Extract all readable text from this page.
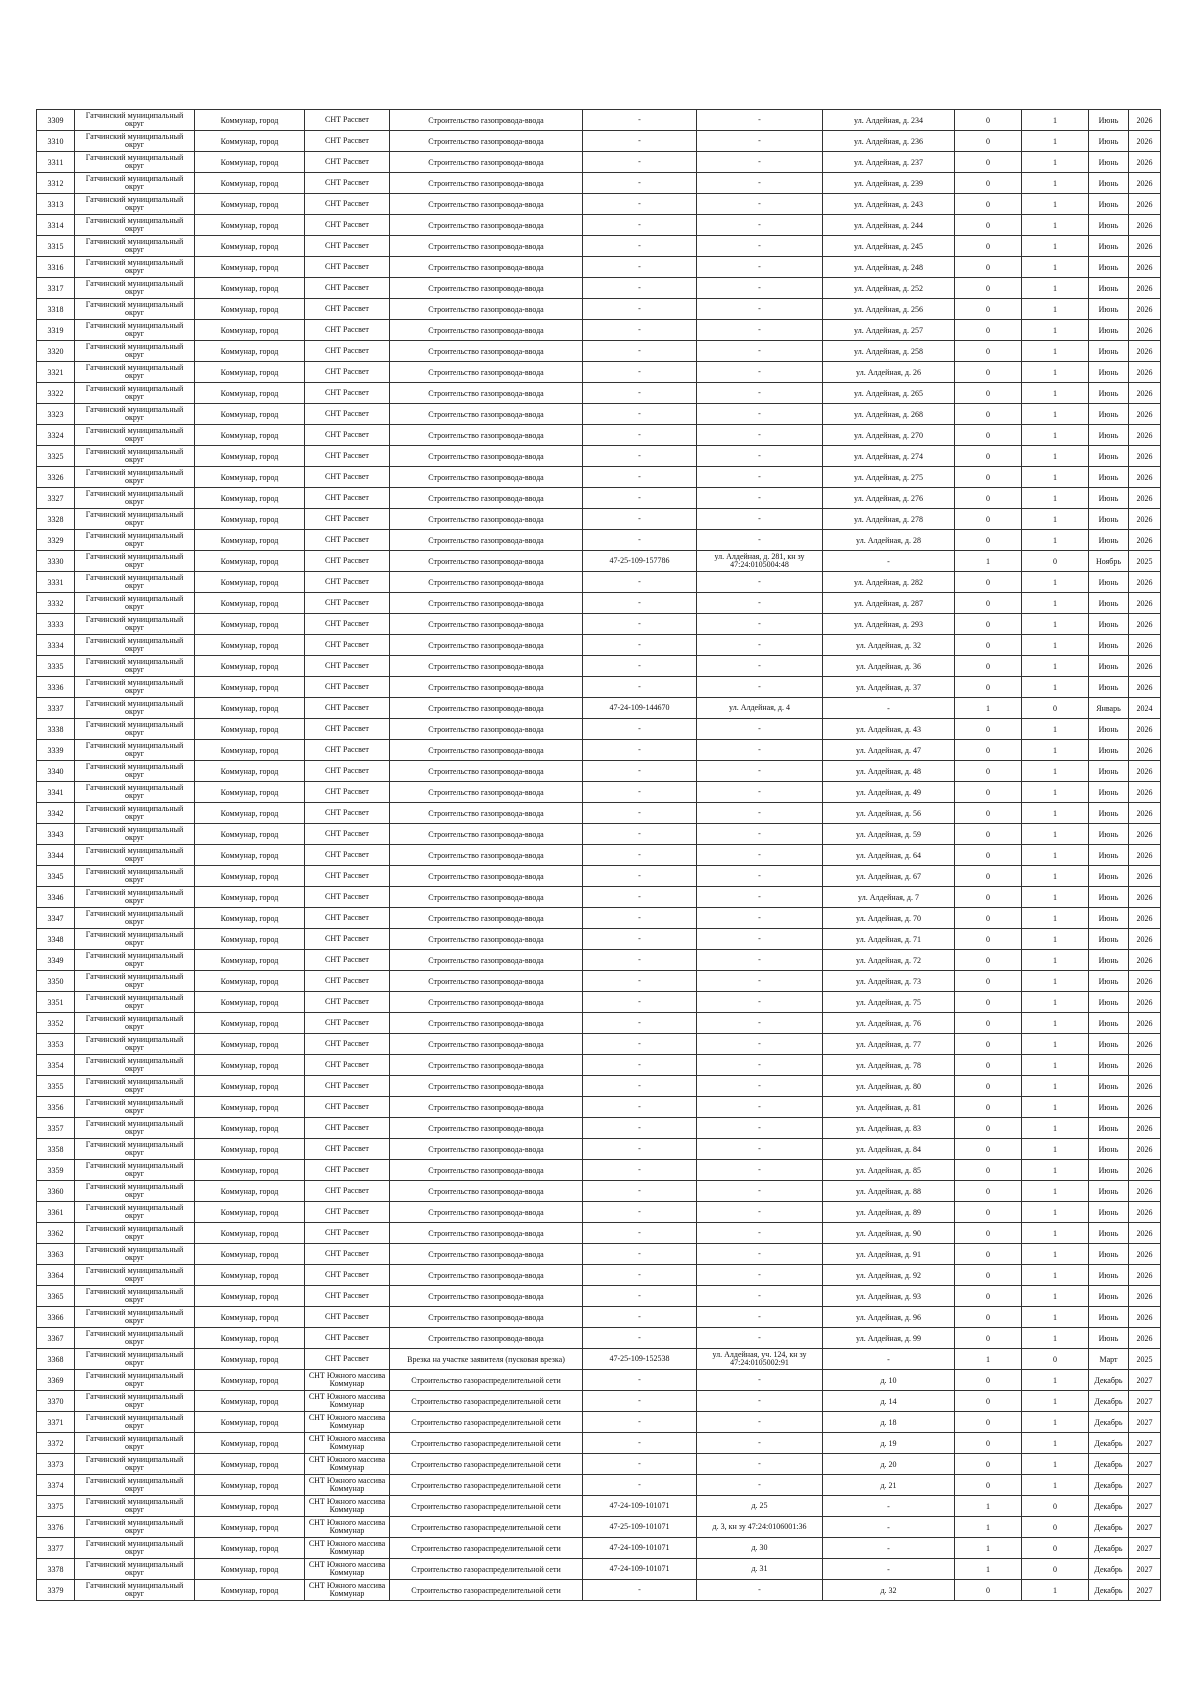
3309	Гатчинский муниципальный округ	Коммунар, город	СНТ Рассвет	Строительство газопровода-ввода	-	-	ул. Алдейная, д. 234	0	1	Июнь	2026
3310	Гатчинский муниципальный округ	Коммунар, город	СНТ Рассвет	Строительство газопровода-ввода	-	-	ул. Алдейная, д. 236	0	1	Июнь	2026
3311	Гатчинский муниципальный округ	Коммунар, город	СНТ Рассвет	Строительство газопровода-ввода	-	-	ул. Алдейная, д. 237	0	1	Июнь	2026
3312	Гатчинский муниципальный округ	Коммунар, город	СНТ Рассвет	Строительство газопровода-ввода	-	-	ул. Алдейная, д. 239	0	1	Июнь	2026
3313	Гатчинский муниципальный округ	Коммунар, город	СНТ Рассвет	Строительство газопровода-ввода	-	-	ул. Алдейная, д. 243	0	1	Июнь	2026
3314	Гатчинский муниципальный округ	Коммунар, город	СНТ Рассвет	Строительство газопровода-ввода	-	-	ул. Алдейная, д. 244	0	1	Июнь	2026
3315	Гатчинский муниципальный округ	Коммунар, город	СНТ Рассвет	Строительство газопровода-ввода	-	-	ул. Алдейная, д. 245	0	1	Июнь	2026
3316	Гатчинский муниципальный округ	Коммунар, город	СНТ Рассвет	Строительство газопровода-ввода	-	-	ул. Алдейная, д. 248	0	1	Июнь	2026
3317	Гатчинский муниципальный округ	Коммунар, город	СНТ Рассвет	Строительство газопровода-ввода	-	-	ул. Алдейная, д. 252	0	1	Июнь	2026
3318	Гатчинский муниципальный округ	Коммунар, город	СНТ Рассвет	Строительство газопровода-ввода	-	-	ул. Алдейная, д. 256	0	1	Июнь	2026
3319	Гатчинский муниципальный округ	Коммунар, город	СНТ Рассвет	Строительство газопровода-ввода	-	-	ул. Алдейная, д. 257	0	1	Июнь	2026
3320	Гатчинский муниципальный округ	Коммунар, город	СНТ Рассвет	Строительство газопровода-ввода	-	-	ул. Алдейная, д. 258	0	1	Июнь	2026
3321	Гатчинский муниципальный округ	Коммунар, город	СНТ Рассвет	Строительство газопровода-ввода	-	-	ул. Алдейная, д. 26	0	1	Июнь	2026
3322	Гатчинский муниципальный округ	Коммунар, город	СНТ Рассвет	Строительство газопровода-ввода	-	-	ул. Алдейная, д. 265	0	1	Июнь	2026
3323	Гатчинский муниципальный округ	Коммунар, город	СНТ Рассвет	Строительство газопровода-ввода	-	-	ул. Алдейная, д. 268	0	1	Июнь	2026
3324	Гатчинский муниципальный округ	Коммунар, город	СНТ Рассвет	Строительство газопровода-ввода	-	-	ул. Алдейная, д. 270	0	1	Июнь	2026
3325	Гатчинский муниципальный округ	Коммунар, город	СНТ Рассвет	Строительство газопровода-ввода	-	-	ул. Алдейная, д. 274	0	1	Июнь	2026
3326	Гатчинский муниципальный округ	Коммунар, город	СНТ Рассвет	Строительство газопровода-ввода	-	-	ул. Алдейная, д. 275	0	1	Июнь	2026
3327	Гатчинский муниципальный округ	Коммунар, город	СНТ Рассвет	Строительство газопровода-ввода	-	-	ул. Алдейная, д. 276	0	1	Июнь	2026
3328	Гатчинский муниципальный округ	Коммунар, город	СНТ Рассвет	Строительство газопровода-ввода	-	-	ул. Алдейная, д. 278	0	1	Июнь	2026
3329	Гатчинский муниципальный округ	Коммунар, город	СНТ Рассвет	Строительство газопровода-ввода	-	-	ул. Алдейная, д. 28	0	1	Июнь	2026
3330	Гатчинский муниципальный округ	Коммунар, город	СНТ Рассвет	Строительство газопровода-ввода	47-25-109-157786	ул. Алдейная, д. 281, кн зу 47:24:0105004:48	-	1	0	Ноябрь	2025
3331	Гатчинский муниципальный округ	Коммунар, город	СНТ Рассвет	Строительство газопровода-ввода	-	-	ул. Алдейная, д. 282	0	1	Июнь	2026
3332	Гатчинский муниципальный округ	Коммунар, город	СНТ Рассвет	Строительство газопровода-ввода	-	-	ул. Алдейная, д. 287	0	1	Июнь	2026
3333	Гатчинский муниципальный округ	Коммунар, город	СНТ Рассвет	Строительство газопровода-ввода	-	-	ул. Алдейная, д. 293	0	1	Июнь	2026
3334	Гатчинский муниципальный округ	Коммунар, город	СНТ Рассвет	Строительство газопровода-ввода	-	-	ул. Алдейная, д. 32	0	1	Июнь	2026
3335	Гатчинский муниципальный округ	Коммунар, город	СНТ Рассвет	Строительство газопровода-ввода	-	-	ул. Алдейная, д. 36	0	1	Июнь	2026
3336	Гатчинский муниципальный округ	Коммунар, город	СНТ Рассвет	Строительство газопровода-ввода	-	-	ул. Алдейная, д. 37	0	1	Июнь	2026
3337	Гатчинский муниципальный округ	Коммунар, город	СНТ Рассвет	Строительство газопровода-ввода	47-24-109-144670	ул. Алдейная, д. 4	-	1	0	Январь	2024
3338	Гатчинский муниципальный округ	Коммунар, город	СНТ Рассвет	Строительство газопровода-ввода	-	-	ул. Алдейная, д. 43	0	1	Июнь	2026
3339	Гатчинский муниципальный округ	Коммунар, город	СНТ Рассвет	Строительство газопровода-ввода	-	-	ул. Алдейная, д. 47	0	1	Июнь	2026
3340	Гатчинский муниципальный округ	Коммунар, город	СНТ Рассвет	Строительство газопровода-ввода	-	-	ул. Алдейная, д. 48	0	1	Июнь	2026
3341	Гатчинский муниципальный округ	Коммунар, город	СНТ Рассвет	Строительство газопровода-ввода	-	-	ул. Алдейная, д. 49	0	1	Июнь	2026
3342	Гатчинский муниципальный округ	Коммунар, город	СНТ Рассвет	Строительство газопровода-ввода	-	-	ул. Алдейная, д. 56	0	1	Июнь	2026
3343	Гатчинский муниципальный округ	Коммунар, город	СНТ Рассвет	Строительство газопровода-ввода	-	-	ул. Алдейная, д. 59	0	1	Июнь	2026
3344	Гатчинский муниципальный округ	Коммунар, город	СНТ Рассвет	Строительство газопровода-ввода	-	-	ул. Алдейная, д. 64	0	1	Июнь	2026
3345	Гатчинский муниципальный округ	Коммунар, город	СНТ Рассвет	Строительство газопровода-ввода	-	-	ул. Алдейная, д. 67	0	1	Июнь	2026
3346	Гатчинский муниципальный округ	Коммунар, город	СНТ Рассвет	Строительство газопровода-ввода	-	-	ул. Алдейная, д. 7	0	1	Июнь	2026
3347	Гатчинский муниципальный округ	Коммунар, город	СНТ Рассвет	Строительство газопровода-ввода	-	-	ул. Алдейная, д. 70	0	1	Июнь	2026
3348	Гатчинский муниципальный округ	Коммунар, город	СНТ Рассвет	Строительство газопровода-ввода	-	-	ул. Алдейная, д. 71	0	1	Июнь	2026
3349	Гатчинский муниципальный округ	Коммунар, город	СНТ Рассвет	Строительство газопровода-ввода	-	-	ул. Алдейная, д. 72	0	1	Июнь	2026
3350	Гатчинский муниципальный округ	Коммунар, город	СНТ Рассвет	Строительство газопровода-ввода	-	-	ул. Алдейная, д. 73	0	1	Июнь	2026
3351	Гатчинский муниципальный округ	Коммунар, город	СНТ Рассвет	Строительство газопровода-ввода	-	-	ул. Алдейная, д. 75	0	1	Июнь	2026
3352	Гатчинский муниципальный округ	Коммунар, город	СНТ Рассвет	Строительство газопровода-ввода	-	-	ул. Алдейная, д. 76	0	1	Июнь	2026
3353	Гатчинский муниципальный округ	Коммунар, город	СНТ Рассвет	Строительство газопровода-ввода	-	-	ул. Алдейная, д. 77	0	1	Июнь	2026
3354	Гатчинский муниципальный округ	Коммунар, город	СНТ Рассвет	Строительство газопровода-ввода	-	-	ул. Алдейная, д. 78	0	1	Июнь	2026
3355	Гатчинский муниципальный округ	Коммунар, город	СНТ Рассвет	Строительство газопровода-ввода	-	-	ул. Алдейная, д. 80	0	1	Июнь	2026
3356	Гатчинский муниципальный округ	Коммунар, город	СНТ Рассвет	Строительство газопровода-ввода	-	-	ул. Алдейная, д. 81	0	1	Июнь	2026
3357	Гатчинский муниципальный округ	Коммунар, город	СНТ Рассвет	Строительство газопровода-ввода	-	-	ул. Алдейная, д. 83	0	1	Июнь	2026
3358	Гатчинский муниципальный округ	Коммунар, город	СНТ Рассвет	Строительство газопровода-ввода	-	-	ул. Алдейная, д. 84	0	1	Июнь	2026
3359	Гатчинский муниципальный округ	Коммунар, город	СНТ Рассвет	Строительство газопровода-ввода	-	-	ул. Алдейная, д. 85	0	1	Июнь	2026
3360	Гатчинский муниципальный округ	Коммунар, город	СНТ Рассвет	Строительство газопровода-ввода	-	-	ул. Алдейная, д. 88	0	1	Июнь	2026
3361	Гатчинский муниципальный округ	Коммунар, город	СНТ Рассвет	Строительство газопровода-ввода	-	-	ул. Алдейная, д. 89	0	1	Июнь	2026
3362	Гатчинский муниципальный округ	Коммунар, город	СНТ Рассвет	Строительство газопровода-ввода	-	-	ул. Алдейная, д. 90	0	1	Июнь	2026
3363	Гатчинский муниципальный округ	Коммунар, город	СНТ Рассвет	Строительство газопровода-ввода	-	-	ул. Алдейная, д. 91	0	1	Июнь	2026
3364	Гатчинский муниципальный округ	Коммунар, город	СНТ Рассвет	Строительство газопровода-ввода	-	-	ул. Алдейная, д. 92	0	1	Июнь	2026
3365	Гатчинский муниципальный округ	Коммунар, город	СНТ Рассвет	Строительство газопровода-ввода	-	-	ул. Алдейная, д. 93	0	1	Июнь	2026
3366	Гатчинский муниципальный округ	Коммунар, город	СНТ Рассвет	Строительство газопровода-ввода	-	-	ул. Алдейная, д. 96	0	1	Июнь	2026
3367	Гатчинский муниципальный округ	Коммунар, город	СНТ Рассвет	Строительство газопровода-ввода	-	-	ул. Алдейная, д. 99	0	1	Июнь	2026
3368	Гатчинский муниципальный округ	Коммунар, город	СНТ Рассвет	Врезка на участке заявителя (пусковая врезка)	47-25-109-152538	ул. Алдейная, уч. 124, кн зу 47:24:0105002:91	-	1	0	Март	2025
3369	Гатчинский муниципальный округ	Коммунар, город	СНТ Южного массива Коммунар	Строительство газораспределительной сети	-	-	д. 10	0	1	Декабрь	2027
3370	Гатчинский муниципальный округ	Коммунар, город	СНТ Южного массива Коммунар	Строительство газораспределительной сети	-	-	д. 14	0	1	Декабрь	2027
3371	Гатчинский муниципальный округ	Коммунар, город	СНТ Южного массива Коммунар	Строительство газораспределительной сети	-	-	д. 18	0	1	Декабрь	2027
3372	Гатчинский муниципальный округ	Коммунар, город	СНТ Южного массива Коммунар	Строительство газораспределительной сети	-	-	д. 19	0	1	Декабрь	2027
3373	Гатчинский муниципальный округ	Коммунар, город	СНТ Южного массива Коммунар	Строительство газораспределительной сети	-	-	д. 20	0	1	Декабрь	2027
3374	Гатчинский муниципальный округ	Коммунар, город	СНТ Южного массива Коммунар	Строительство газораспределительной сети	-	-	д. 21	0	1	Декабрь	2027
3375	Гатчинский муниципальный округ	Коммунар, город	СНТ Южного массива Коммунар	Строительство газораспределительной сети	47-24-109-101071	д. 25	-	1	0	Декабрь	2027
3376	Гатчинский муниципальный округ	Коммунар, город	СНТ Южного массива Коммунар	Строительство газораспределительной сети	47-25-109-101071	д. 3, кн зу 47:24:0106001:36	-	1	0	Декабрь	2027
3377	Гатчинский муниципальный округ	Коммунар, город	СНТ Южного массива Коммунар	Строительство газораспределительной сети	47-24-109-101071	д. 30	-	1	0	Декабрь	2027
3378	Гатчинский муниципальный округ	Коммунар, город	СНТ Южного массива Коммунар	Строительство газораспределительной сети	47-24-109-101071	д. 31	-	1	0	Декабрь	2027
3379	Гатчинский муниципальный округ	Коммунар, город	СНТ Южного массива Коммунар	Строительство газораспределительной сети	-	-	д. 32	0	1	Декабрь	2027
